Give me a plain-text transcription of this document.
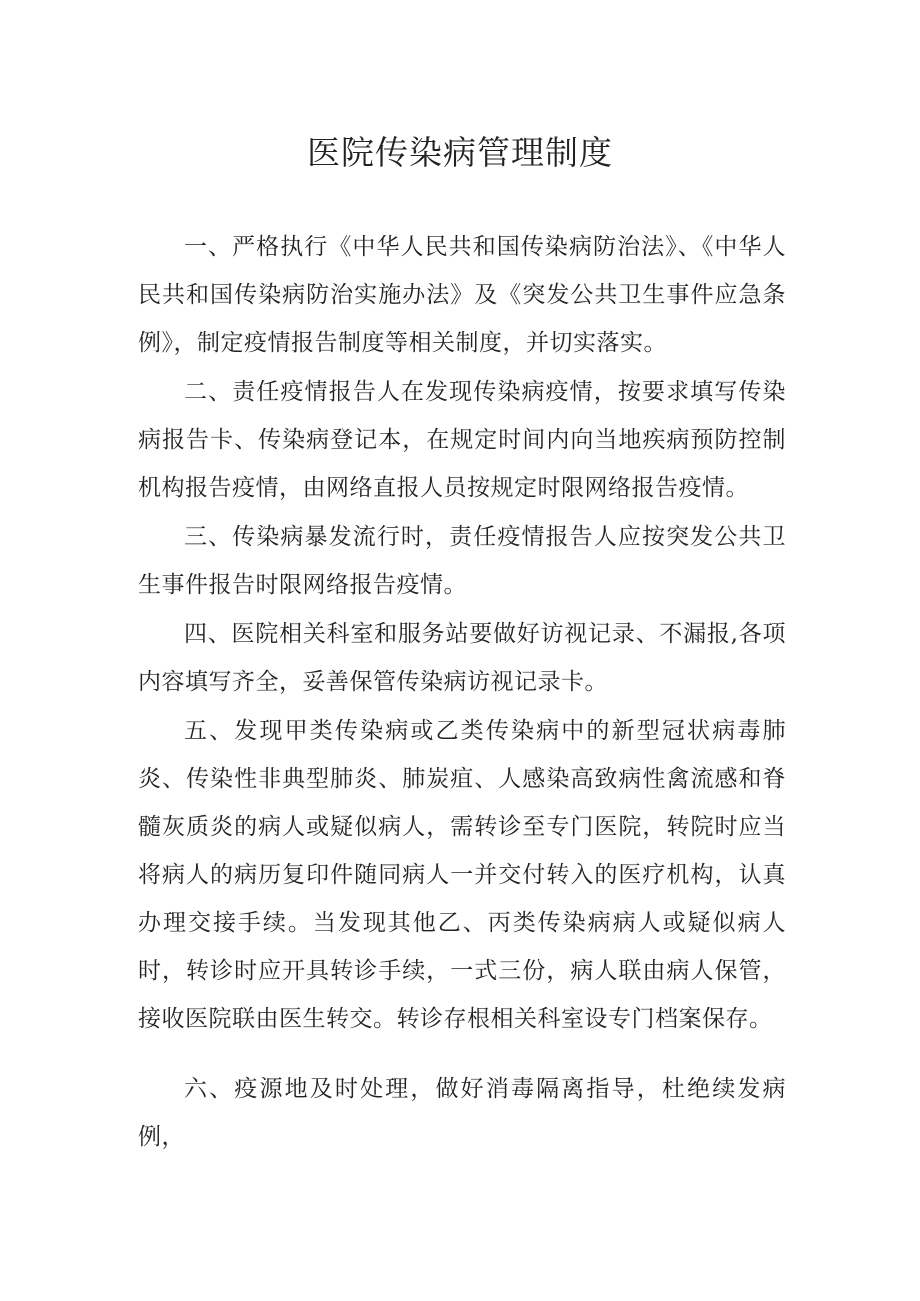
医院传染病管理制度

一、严格执行《中华人民共和国传染病防治法》、《中华人民共和国传染病防治实施办法》及《突发公共卫生事件应急条例》，制定疫情报告制度等相关制度，并切实落实。

二、责任疫情报告人在发现传染病疫情，按要求填写传染病报告卡、传染病登记本，在规定时间内向当地疾病预防控制机构报告疫情，由网络直报人员按规定时限网络报告疫情。

三、传染病暴发流行时，责任疫情报告人应按突发公共卫生事件报告时限网络报告疫情。

四、医院相关科室和服务站要做好访视记录、不漏报,各项内容填写齐全，妥善保管传染病访视记录卡。

五、发现甲类传染病或乙类传染病中的新型冠状病毒肺炎、传染性非典型肺炎、肺炭疽、人感染高致病性禽流感和脊髓灰质炎的病人或疑似病人，需转诊至专门医院，转院时应当将病人的病历复印件随同病人一并交付转入的医疗机构，认真办理交接手续。当发现其他乙、丙类传染病病人或疑似病人时，转诊时应开具转诊手续，一式三份，病人联由病人保管，接收医院联由医生转交。转诊存根相关科室设专门档案保存。

六、疫源地及时处理，做好消毒隔离指导，杜绝续发病例，
